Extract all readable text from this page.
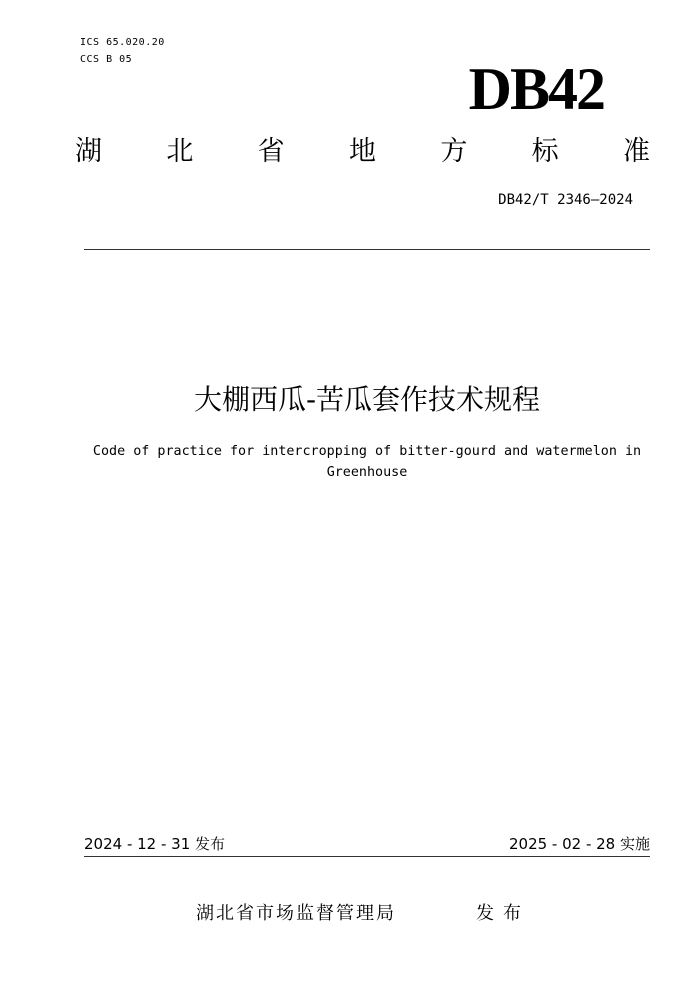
ICS 65.020.20
CCS B 05	DB42
湖 北 省 地 方 标 准
DB42/T 2346—2024
大棚西瓜-苦瓜套作技术规程
Code of practice for intercropping of bitter-gourd and watermelon in Greenhouse
2024 - 12 - 31 发布	2025 - 02 - 28 实施
湖北省市场监督管理局	发布
